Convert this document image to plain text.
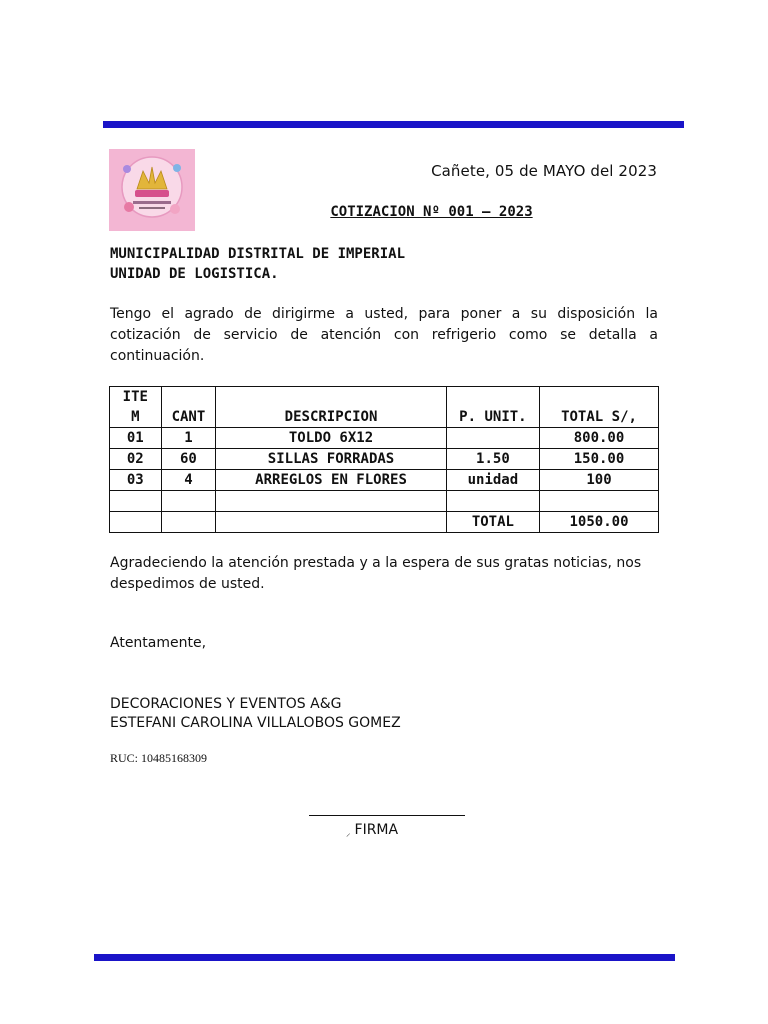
Cañete, 05 de MAYO del 2023
COTIZACION Nº 001 – 2023
MUNICIPALIDAD DISTRITAL DE IMPERIAL
UNIDAD DE LOGISTICA.
Tengo el agrado de dirigirme a usted, para poner a su disposición la cotización de servicio de atención con refrigerio como se detalla a continuación.
ITE
M	CANT	DESCRIPCION	P. UNIT.	TOTAL S/,
01	1	TOLDO 6X12		800.00
02	60	SILLAS FORRADAS	1.50	150.00
03	4	ARREGLOS EN FLORES	unidad	100

			TOTAL	1050.00
Agradeciendo la atención prestada y a la espera de sus gratas noticias, nos despedimos de usted.
Atentamente,
DECORACIONES Y EVENTOS A&G
ESTEFANI CAROLINA VILLALOBOS GOMEZ
RUC: 10485168309
⸝ FIRMA
